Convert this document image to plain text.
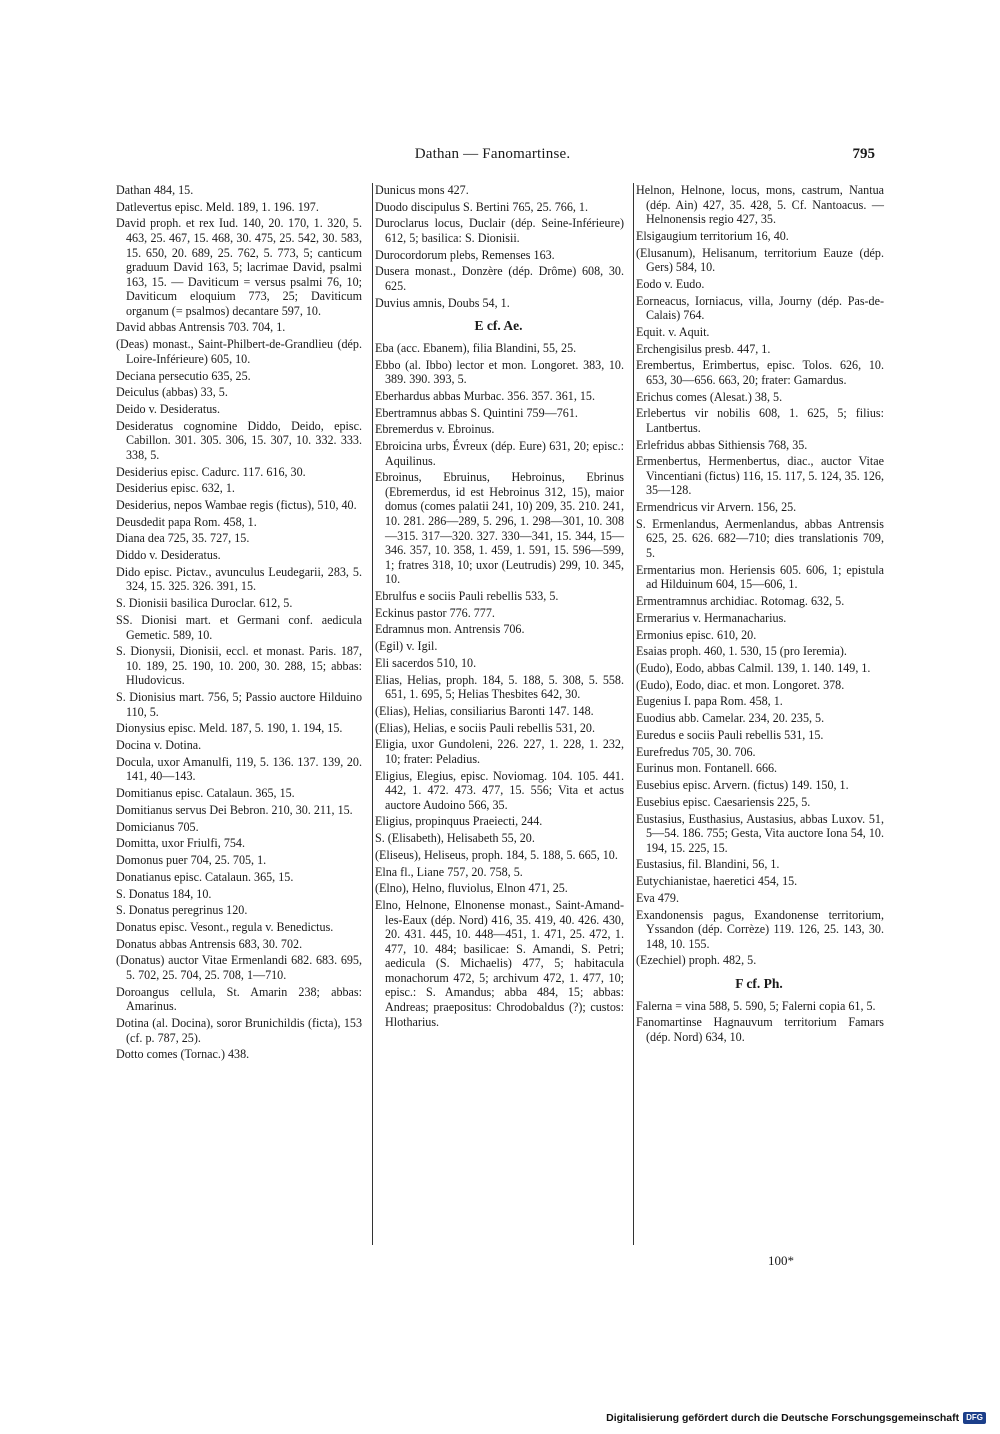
Dathan — Fanomartinse.	795
Dathan 484, 15.
Datlevertus episc. Meld. 189, 1. 196. 197.
David proph. et rex Iud. 140, 20. 170, 1. 320, 5. 463, 25. 467, 15. 468, 30. 475, 25. 542, 30. 583, 15. 650, 20. 689, 25. 762, 5. 773, 5; canticum graduum David 163, 5; lacrimae David, psalmi 163, 15. — Daviticum = versus psalmi 76, 10; Daviticum eloquium 773, 25; Daviticum organum (= psalmos) decantare 597, 10.
David abbas Antrensis 703. 704, 1.
(Deas) monast., Saint-Philbert-de-Grandlieu (dép. Loire-Inférieure) 605, 10.
Deciana persecutio 635, 25.
Deiculus (abbas) 33, 5.
Deido v. Desideratus.
Desideratus cognomine Diddo, Deido, episc. Cabillon. 301. 305. 306, 15. 307, 10. 332. 333. 338, 5.
Desiderius episc. Cadurc. 117. 616, 30.
Desiderius episc. 632, 1.
Desiderius, nepos Wambae regis (fictus), 510, 40.
Deusdedit papa Rom. 458, 1.
Diana dea 725, 35. 727, 15.
Diddo v. Desideratus.
Dido episc. Pictav., avunculus Leudegarii, 283, 5. 324, 15. 325. 326. 391, 15.
S. Dionisii basilica Duroclar. 612, 5.
SS. Dionisi mart. et Germani conf. aedicula Gemetic. 589, 10.
S. Dionysii, Dionisii, eccl. et monast. Paris. 187, 10. 189, 25. 190, 10. 200, 30. 288, 15; abbas: Hludovicus.
S. Dionisius mart. 756, 5; Passio auctore Hilduino 110, 5.
Dionysius episc. Meld. 187, 5. 190, 1. 194, 15.
Docina v. Dotina.
Docula, uxor Amanulfi, 119, 5. 136. 137. 139, 20. 141, 40—143.
Domitianus episc. Catalaun. 365, 15.
Domitianus servus Dei Bebron. 210, 30. 211, 15.
Domicianus 705.
Domitta, uxor Friulfi, 754.
Domonus puer 704, 25. 705, 1.
Donatianus episc. Catalaun. 365, 15.
S. Donatus 184, 10.
S. Donatus peregrinus 120.
Donatus episc. Vesont., regula v. Benedictus.
Donatus abbas Antrensis 683, 30. 702.
(Donatus) auctor Vitae Ermenlandi 682. 683. 695, 5. 702, 25. 704, 25. 708, 1—710.
Doroangus cellula, St. Amarin 238; abbas: Amarinus.
Dotina (al. Docina), soror Brunichildis (ficta), 153 (cf. p. 787, 25).
Dotto comes (Tornac.) 438.
Dunicus mons 427.
Duodo discipulus S. Bertini 765, 25. 766, 1.
Duroclarus locus, Duclair (dép. Seine-Inférieure) 612, 5; basilica: S. Dionisii.
Durocordorum plebs, Remenses 163.
Dusera monast., Donzère (dép. Drôme) 608, 30. 625.
Duvius amnis, Doubs 54, 1.
E cf. Ae.
Eba (acc. Ebanem), filia Blandini, 55, 25.
Ebbo (al. Ibbo) lector et mon. Longoret. 383, 10. 389. 390. 393, 5.
Eberhardus abbas Murbac. 356. 357. 361, 15.
Ebertramnus abbas S. Quintini 759—761.
Ebremerdus v. Ebroinus.
Ebroicina urbs, Évreux (dép. Eure) 631, 20; episc.: Aquilinus.
Ebroinus, Ebruinus, Hebroinus, Ebrinus (Ebremerdus, id est Hebroinus 312, 15), maior domus (comes palatii 241, 10) 209, 35. 210. 241, 10. 281. 286—289, 5. 296, 1. 298—301, 10. 308—315. 317—320. 327. 330—341, 15. 344, 15—346. 357, 10. 358, 1. 459, 1. 591, 15. 596—599, 1; fratres 318, 10; uxor (Leutrudis) 299, 10. 345, 10.
Ebrulfus e sociis Pauli rebellis 533, 5.
Eckinus pastor 776. 777.
Edramnus mon. Antrensis 706.
(Egil) v. Igil.
Eli sacerdos 510, 10.
Elias, Helias, proph. 184, 5. 188, 5. 308, 5. 558. 651, 1. 695, 5; Helias Thesbites 642, 30.
(Elias), Helias, consiliarius Baronti 147. 148.
(Elias), Helias, e sociis Pauli rebellis 531, 20.
Eligia, uxor Gundoleni, 226. 227, 1. 228, 1. 232, 10; frater: Peladius.
Eligius, Elegius, episc. Noviomag. 104. 105. 441. 442, 1. 472. 473. 477, 15. 556; Vita et actus auctore Audoino 566, 35.
Eligius, propinquus Praeiecti, 244.
S. (Elisabeth), Helisabeth 55, 20.
(Eliseus), Heliseus, proph. 184, 5. 188, 5. 665, 10.
Elna fl., Liane 757, 20. 758, 5.
(Elno), Helno, fluviolus, Elnon 471, 25.
Elno, Helnone, Elnonense monast., Saint-Amand-les-Eaux (dép. Nord) 416, 35. 419, 40. 426. 430, 20. 431. 445, 10. 448—451, 1. 471, 25. 472, 1. 477, 10. 484; basilicae: S. Amandi, S. Petri; aedicula (S. Michaelis) 477, 5; habitacula monachorum 472, 5; archivum 472, 1. 477, 10; episc.: S. Amandus; abba 484, 15; abbas: Andreas; praepositus: Chrodobaldus (?); custos: Hlotharius.
Helnon, Helnone, locus, mons, castrum, Nantua (dép. Ain) 427, 35. 428, 5. Cf. Nantoacus. — Helnonensis regio 427, 35.
Elsigaugium territorium 16, 40.
(Elusanum), Helisanum, territorium Eauze (dép. Gers) 584, 10.
Eodo v. Eudo.
Eorneacus, Iorniacus, villa, Journy (dép. Pas-de-Calais) 764.
Equit. v. Aquit.
Erchengisilus presb. 447, 1.
Erembertus, Erimbertus, episc. Tolos. 626, 10. 653, 30—656. 663, 20; frater: Gamardus.
Erichus comes (Alesat.) 38, 5.
Erlebertus vir nobilis 608, 1. 625, 5; filius: Lantbertus.
Erlefridus abbas Sithiensis 768, 35.
Ermenbertus, Hermenbertus, diac., auctor Vitae Vincentiani (fictus) 116, 15. 117, 5. 124, 35. 126, 35—128.
Ermendricus vir Arvern. 156, 25.
S. Ermenlandus, Aermenlandus, abbas Antrensis 625, 25. 626. 682—710; dies translationis 709, 5.
Ermentarius mon. Heriensis 605. 606, 1; epistula ad Hilduinum 604, 15—606, 1.
Ermentramnus archidiac. Rotomag. 632, 5.
Ermerarius v. Hermanacharius.
Ermonius episc. 610, 20.
Esaias proph. 460, 1. 530, 15 (pro Ieremia).
(Eudo), Eodo, abbas Calmil. 139, 1. 140. 149, 1.
(Eudo), Eodo, diac. et mon. Longoret. 378.
Eugenius I. papa Rom. 458, 1.
Euodius abb. Camelar. 234, 20. 235, 5.
Euredus e sociis Pauli rebellis 531, 15.
Eurefredus 705, 30. 706.
Eurinus mon. Fontanell. 666.
Eusebius episc. Arvern. (fictus) 149. 150, 1.
Eusebius episc. Caesariensis 225, 5.
Eustasius, Eusthasius, Austasius, abbas Luxov. 51, 5—54. 186. 755; Gesta, Vita auctore Iona 54, 10. 194, 15. 225, 15.
Eustasius, fil. Blandini, 56, 1.
Eutychianistae, haeretici 454, 15.
Eva 479.
Exandonensis pagus, Exandonense territorium, Yssandon (dép. Corrèze) 119. 126, 25. 143, 30. 148, 10. 155.
(Ezechiel) proph. 482, 5.
F cf. Ph.
Falerna = vina 588, 5. 590, 5; Falerni copia 61, 5.
Fanomartinse Hagnauvum territorium Famars (dép. Nord) 634, 10.
100*
Digitalisierung gefördert durch die Deutsche Forschungsgemeinschaft DFG
